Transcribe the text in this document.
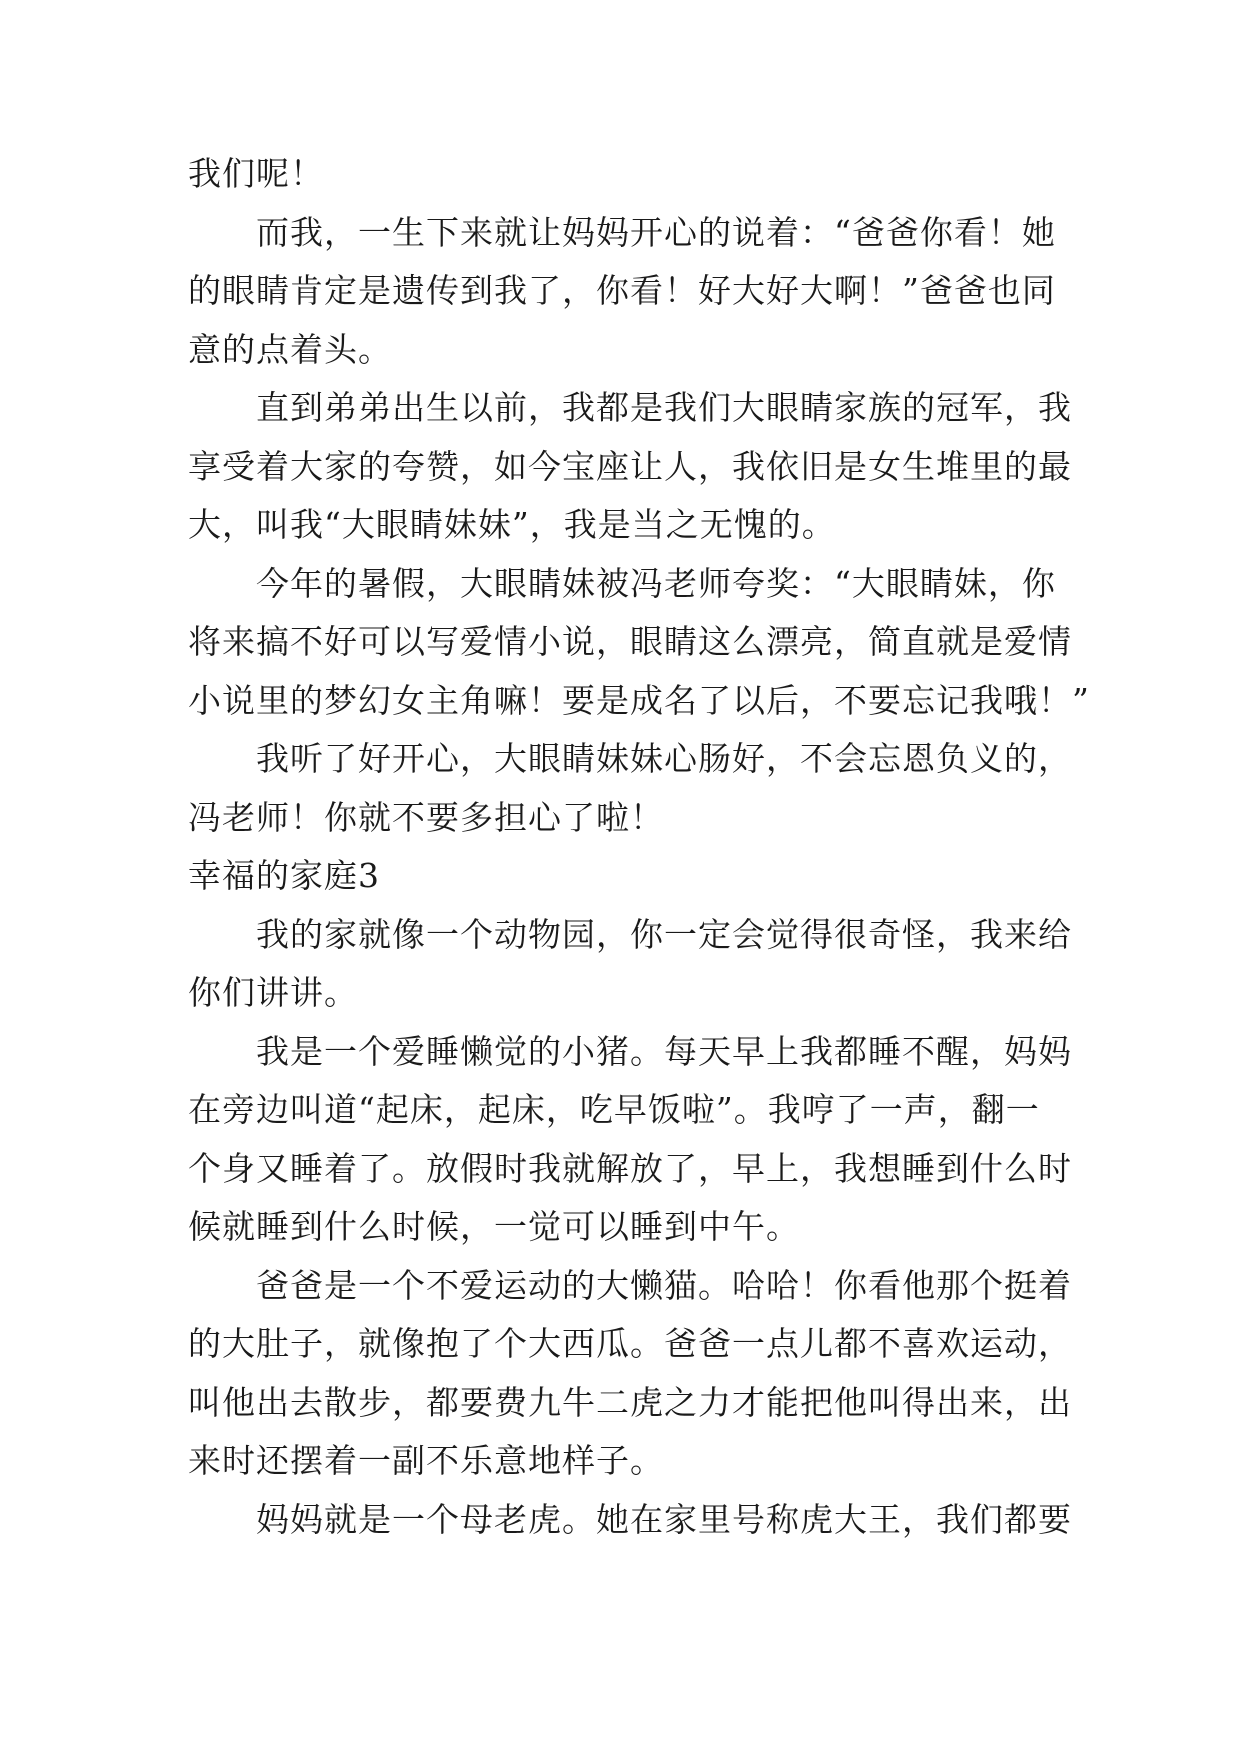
我们呢！
　　而我，一生下来就让妈妈开心的说着：“爸爸你看！她
的眼睛肯定是遗传到我了，你看！好大好大啊！”爸爸也同
意的点着头。
　　直到弟弟出生以前，我都是我们大眼睛家族的冠军，我
享受着大家的夸赞，如今宝座让人，我依旧是女生堆里的最
大，叫我“大眼睛妹妹”，我是当之无愧的。
　　今年的暑假，大眼睛妹被冯老师夸奖：“大眼睛妹，你
将来搞不好可以写爱情小说，眼睛这么漂亮，简直就是爱情
小说里的梦幻女主角嘛！要是成名了以后，不要忘记我哦！”
　　我听了好开心，大眼睛妹妹心肠好，不会忘恩负义的，
冯老师！你就不要多担心了啦！
幸福的家庭3
　　我的家就像一个动物园，你一定会觉得很奇怪，我来给
你们讲讲。
　　我是一个爱睡懒觉的小猪。每天早上我都睡不醒，妈妈
在旁边叫道“起床，起床，吃早饭啦”。我哼了一声，翻一
个身又睡着了。放假时我就解放了，早上，我想睡到什么时
候就睡到什么时候，一觉可以睡到中午。
　　爸爸是一个不爱运动的大懒猫。哈哈！你看他那个挺着
的大肚子，就像抱了个大西瓜。爸爸一点儿都不喜欢运动，
叫他出去散步，都要费九牛二虎之力才能把他叫得出来，出
来时还摆着一副不乐意地样子。
　　妈妈就是一个母老虎。她在家里号称虎大王，我们都要
